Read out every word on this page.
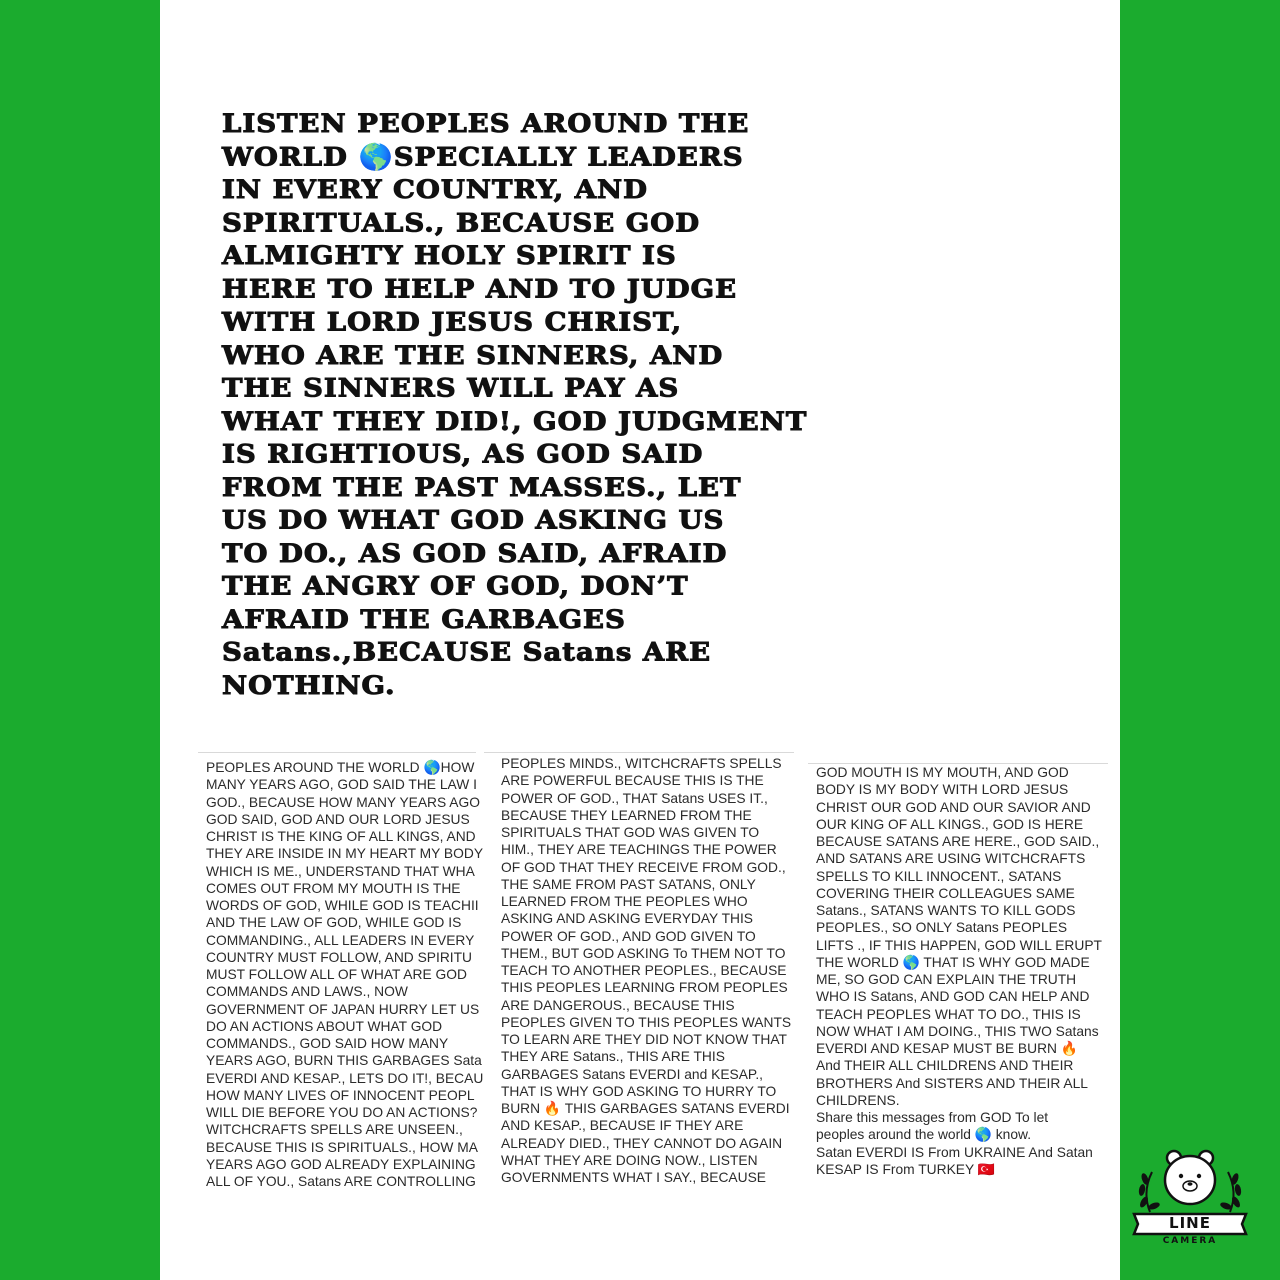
LISTEN PEOPLES AROUND THE
WORLD 🌎SPECIALLY LEADERS
IN EVERY COUNTRY, AND
SPIRITUALS., BECAUSE GOD
ALMIGHTY HOLY SPIRIT IS
HERE TO HELP AND TO JUDGE
WITH LORD JESUS CHRIST,
WHO ARE THE SINNERS, AND
THE SINNERS WILL PAY AS
WHAT THEY DID!, GOD JUDGMENT
IS RIGHTIOUS, AS GOD SAID
FROM THE PAST MASSES., LET
US DO WHAT GOD ASKING US
TO DO., AS GOD SAID, AFRAID
THE ANGRY OF GOD, DON’T
AFRAID THE GARBAGES
Satans.,BECAUSE Satans ARE
NOTHING.
PEOPLES AROUND THE WORLD 🌎HOW
MANY YEARS AGO, GOD SAID THE LAW I
GOD., BECAUSE HOW MANY YEARS AGO
GOD SAID, GOD AND OUR LORD JESUS
CHRIST IS THE KING OF ALL KINGS, AND
THEY ARE INSIDE IN MY HEART MY BODY
WHICH IS ME., UNDERSTAND THAT WHA
COMES OUT FROM MY MOUTH IS THE
WORDS OF GOD, WHILE GOD IS TEACHII
AND THE LAW OF GOD, WHILE GOD IS
COMMANDING., ALL LEADERS IN EVERY
COUNTRY MUST FOLLOW, AND SPIRITU
MUST FOLLOW ALL OF WHAT ARE GOD
COMMANDS AND LAWS., NOW
GOVERNMENT OF JAPAN HURRY LET US
DO AN ACTIONS ABOUT WHAT GOD
COMMANDS., GOD SAID HOW MANY
YEARS AGO, BURN THIS GARBAGES Sata
EVERDI AND KESAP., LETS DO IT!, BECAU
HOW MANY LIVES OF INNOCENT PEOPL
WILL DIE BEFORE YOU DO AN ACTIONS?
WITCHCRAFTS SPELLS ARE UNSEEN.,
BECAUSE THIS IS SPIRITUALS., HOW MA
YEARS AGO GOD ALREADY EXPLAINING
ALL OF YOU., Satans ARE CONTROLLING
PEOPLES MINDS., WITCHCRAFTS SPELLS
ARE POWERFUL BECAUSE THIS IS THE
POWER OF GOD., THAT Satans USES IT.,
BECAUSE THEY LEARNED FROM THE
SPIRITUALS THAT GOD WAS GIVEN TO
HIM., THEY ARE TEACHINGS THE POWER
OF GOD THAT THEY RECEIVE FROM GOD.,
THE SAME FROM PAST SATANS, ONLY
LEARNED FROM THE PEOPLES WHO
ASKING AND ASKING EVERYDAY THIS
POWER OF GOD., AND GOD GIVEN TO
THEM., BUT GOD ASKING To THEM NOT TO
TEACH TO ANOTHER PEOPLES., BECAUSE
THIS PEOPLES LEARNING FROM PEOPLES
ARE DANGEROUS., BECAUSE THIS
PEOPLES GIVEN TO THIS PEOPLES WANTS
TO LEARN ARE THEY DID NOT KNOW THAT
THEY ARE Satans., THIS ARE THIS
GARBAGES Satans EVERDI and KESAP.,
THAT IS WHY GOD ASKING TO HURRY TO
BURN 🔥 THIS GARBAGES SATANS EVERDI
AND KESAP., BECAUSE IF THEY ARE
ALREADY DIED., THEY CANNOT DO AGAIN
WHAT THEY ARE DOING NOW., LISTEN
GOVERNMENTS WHAT I SAY., BECAUSE
GOD MOUTH IS MY MOUTH, AND GOD
BODY IS MY BODY WITH LORD JESUS
CHRIST OUR GOD AND OUR SAVIOR AND
OUR KING OF ALL KINGS., GOD IS HERE
BECAUSE SATANS ARE HERE., GOD SAID.,
AND SATANS ARE USING WITCHCRAFTS
SPELLS TO KILL INNOCENT., SATANS
COVERING THEIR COLLEAGUES SAME
Satans., SATANS WANTS TO KILL GODS
PEOPLES., SO ONLY Satans PEOPLES
LIFTS ., IF THIS HAPPEN, GOD WILL ERUPT
THE WORLD 🌎 THAT IS WHY GOD MADE
ME, SO GOD CAN EXPLAIN THE TRUTH
WHO IS Satans, AND GOD CAN HELP AND
TEACH PEOPLES WHAT TO DO., THIS IS
NOW WHAT I AM DOING., THIS TWO Satans
EVERDI AND KESAP MUST BE BURN 🔥
And THEIR ALL CHILDRENS AND THEIR
BROTHERS And SISTERS AND THEIR ALL
CHILDRENS.
Share this messages from GOD To let
peoples around the world 🌎 know.
Satan EVERDI IS From UKRAINE And Satan
KESAP IS From TURKEY 🇹🇷
LINE
CAMERA
